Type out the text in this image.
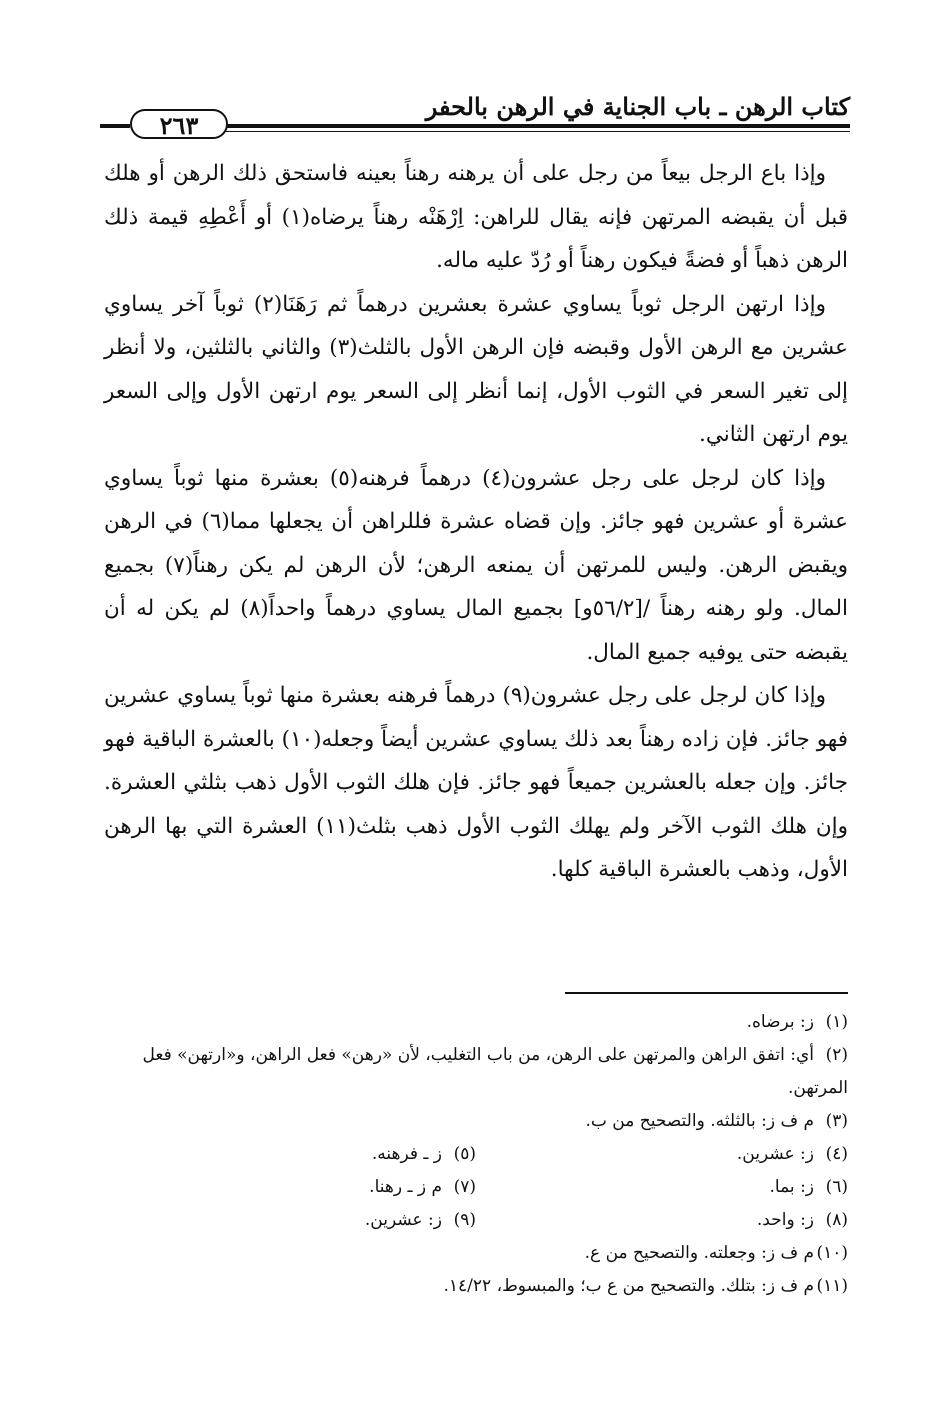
كتاب الرهن ـ باب الجناية في الرهن بالحفر
٢٦٣

وإذا باع الرجل بيعاً من رجل على أن يرهنه رهناً بعينه فاستحق ذلك الرهن أو هلك قبل أن يقبضه المرتهن فإنه يقال للراهن: اِرْهَنْه رهناً يرضاه(١) أو أَعْطِهِ قيمة ذلك الرهن ذهباً أو فضةً فيكون رهناً أو رُدّ عليه ماله.

وإذا ارتهن الرجل ثوباً يساوي عشرة بعشرين درهماً ثم رَهَنَا(٢) ثوباً آخر يساوي عشرين مع الرهن الأول وقبضه فإن الرهن الأول بالثلث(٣) والثاني بالثلثين، ولا أنظر إلى تغير السعر في الثوب الأول، إنما أنظر إلى السعر يوم ارتهن الأول وإلى السعر يوم ارتهن الثاني.

وإذا كان لرجل على رجل عشرون(٤) درهماً فرهنه(٥) بعشرة منها ثوباً يساوي عشرة أو عشرين فهو جائز. وإن قضاه عشرة فللراهن أن يجعلها مما(٦) في الرهن ويقبض الرهن. وليس للمرتهن أن يمنعه الرهن؛ لأن الرهن لم يكن رهناً(٧) بجميع المال. ولو رهنه رهناً /[٥٦/٢و] بجميع المال يساوي درهماً واحداً(٨) لم يكن له أن يقبضه حتى يوفيه جميع المال.

وإذا كان لرجل على رجل عشرون(٩) درهماً فرهنه بعشرة منها ثوباً يساوي عشرين فهو جائز. فإن زاده رهناً بعد ذلك يساوي عشرين أيضاً وجعله(١٠) بالعشرة الباقية فهو جائز. وإن جعله بالعشرين جميعاً فهو جائز. فإن هلك الثوب الأول ذهب بثلثي العشرة. وإن هلك الثوب الآخر ولم يهلك الثوب الأول ذهب بثلث(١١) العشرة التي بها الرهن الأول، وذهب بالعشرة الباقية كلها.

(١)ز: برضاه.

(٢)أي: اتفق الراهن والمرتهن على الرهن، من باب التغليب، لأن «رهن» فعل الراهن، و«ارتهن» فعل المرتهن.

(٣)م ف ز: بالثلثه. والتصحيح من ب.

(٤)ز: عشرين.
(٥)ز ـ فرهنه.
(٦)ز: بما.
(٧)م ز ـ رهنا.
(٨)ز: واحد.
(٩)ز: عشرين.

(١٠)م ف ز: وجعلته. والتصحيح من ع.

(١١)م ف ز: بتلك. والتصحيح من ع ب؛ والمبسوط، ١٤/٢٢.
